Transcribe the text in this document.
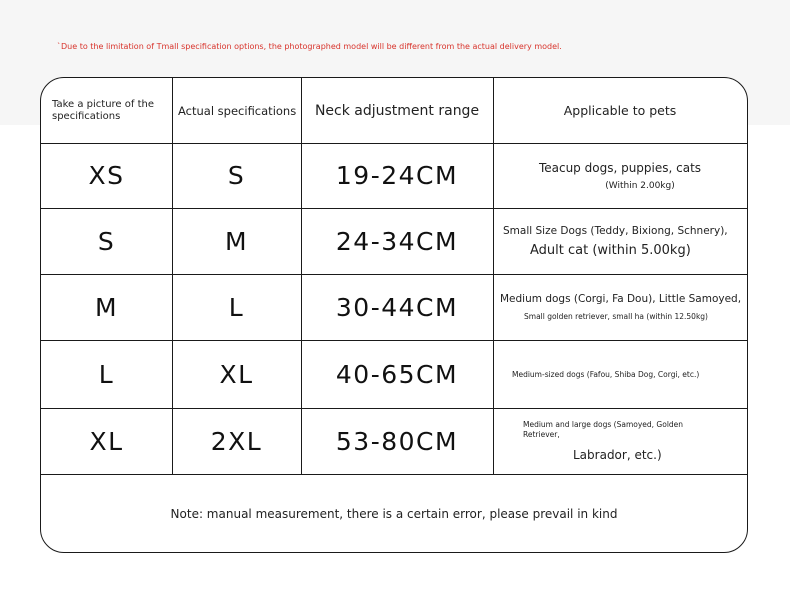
`Due to the limitation of Tmall specification options, the photographed model will be different from the actual delivery model.
Take a picture of the specifications	Actual specifications	Neck adjustment range	Applicable to pets
XS	S	19-24CM	Teacup dogs, puppies, cats
(Within 2.00kg)
S	M	24-34CM	Small Size Dogs (Teddy, Bixiong, Schnery),
Adult cat (within 5.00kg)
M	L	30-44CM	Medium dogs (Corgi, Fa Dou), Little Samoyed,
Small golden retriever, small ha (within 12.50kg)
L	XL	40-65CM	Medium-sized dogs (Fafou, Shiba Dog, Corgi, etc.)
XL	2XL	53-80CM
Medium and large dogs (Samoyed, Golden Retriever,
Labrador, etc.)
Note: manual measurement, there is a certain error, please prevail in kind
